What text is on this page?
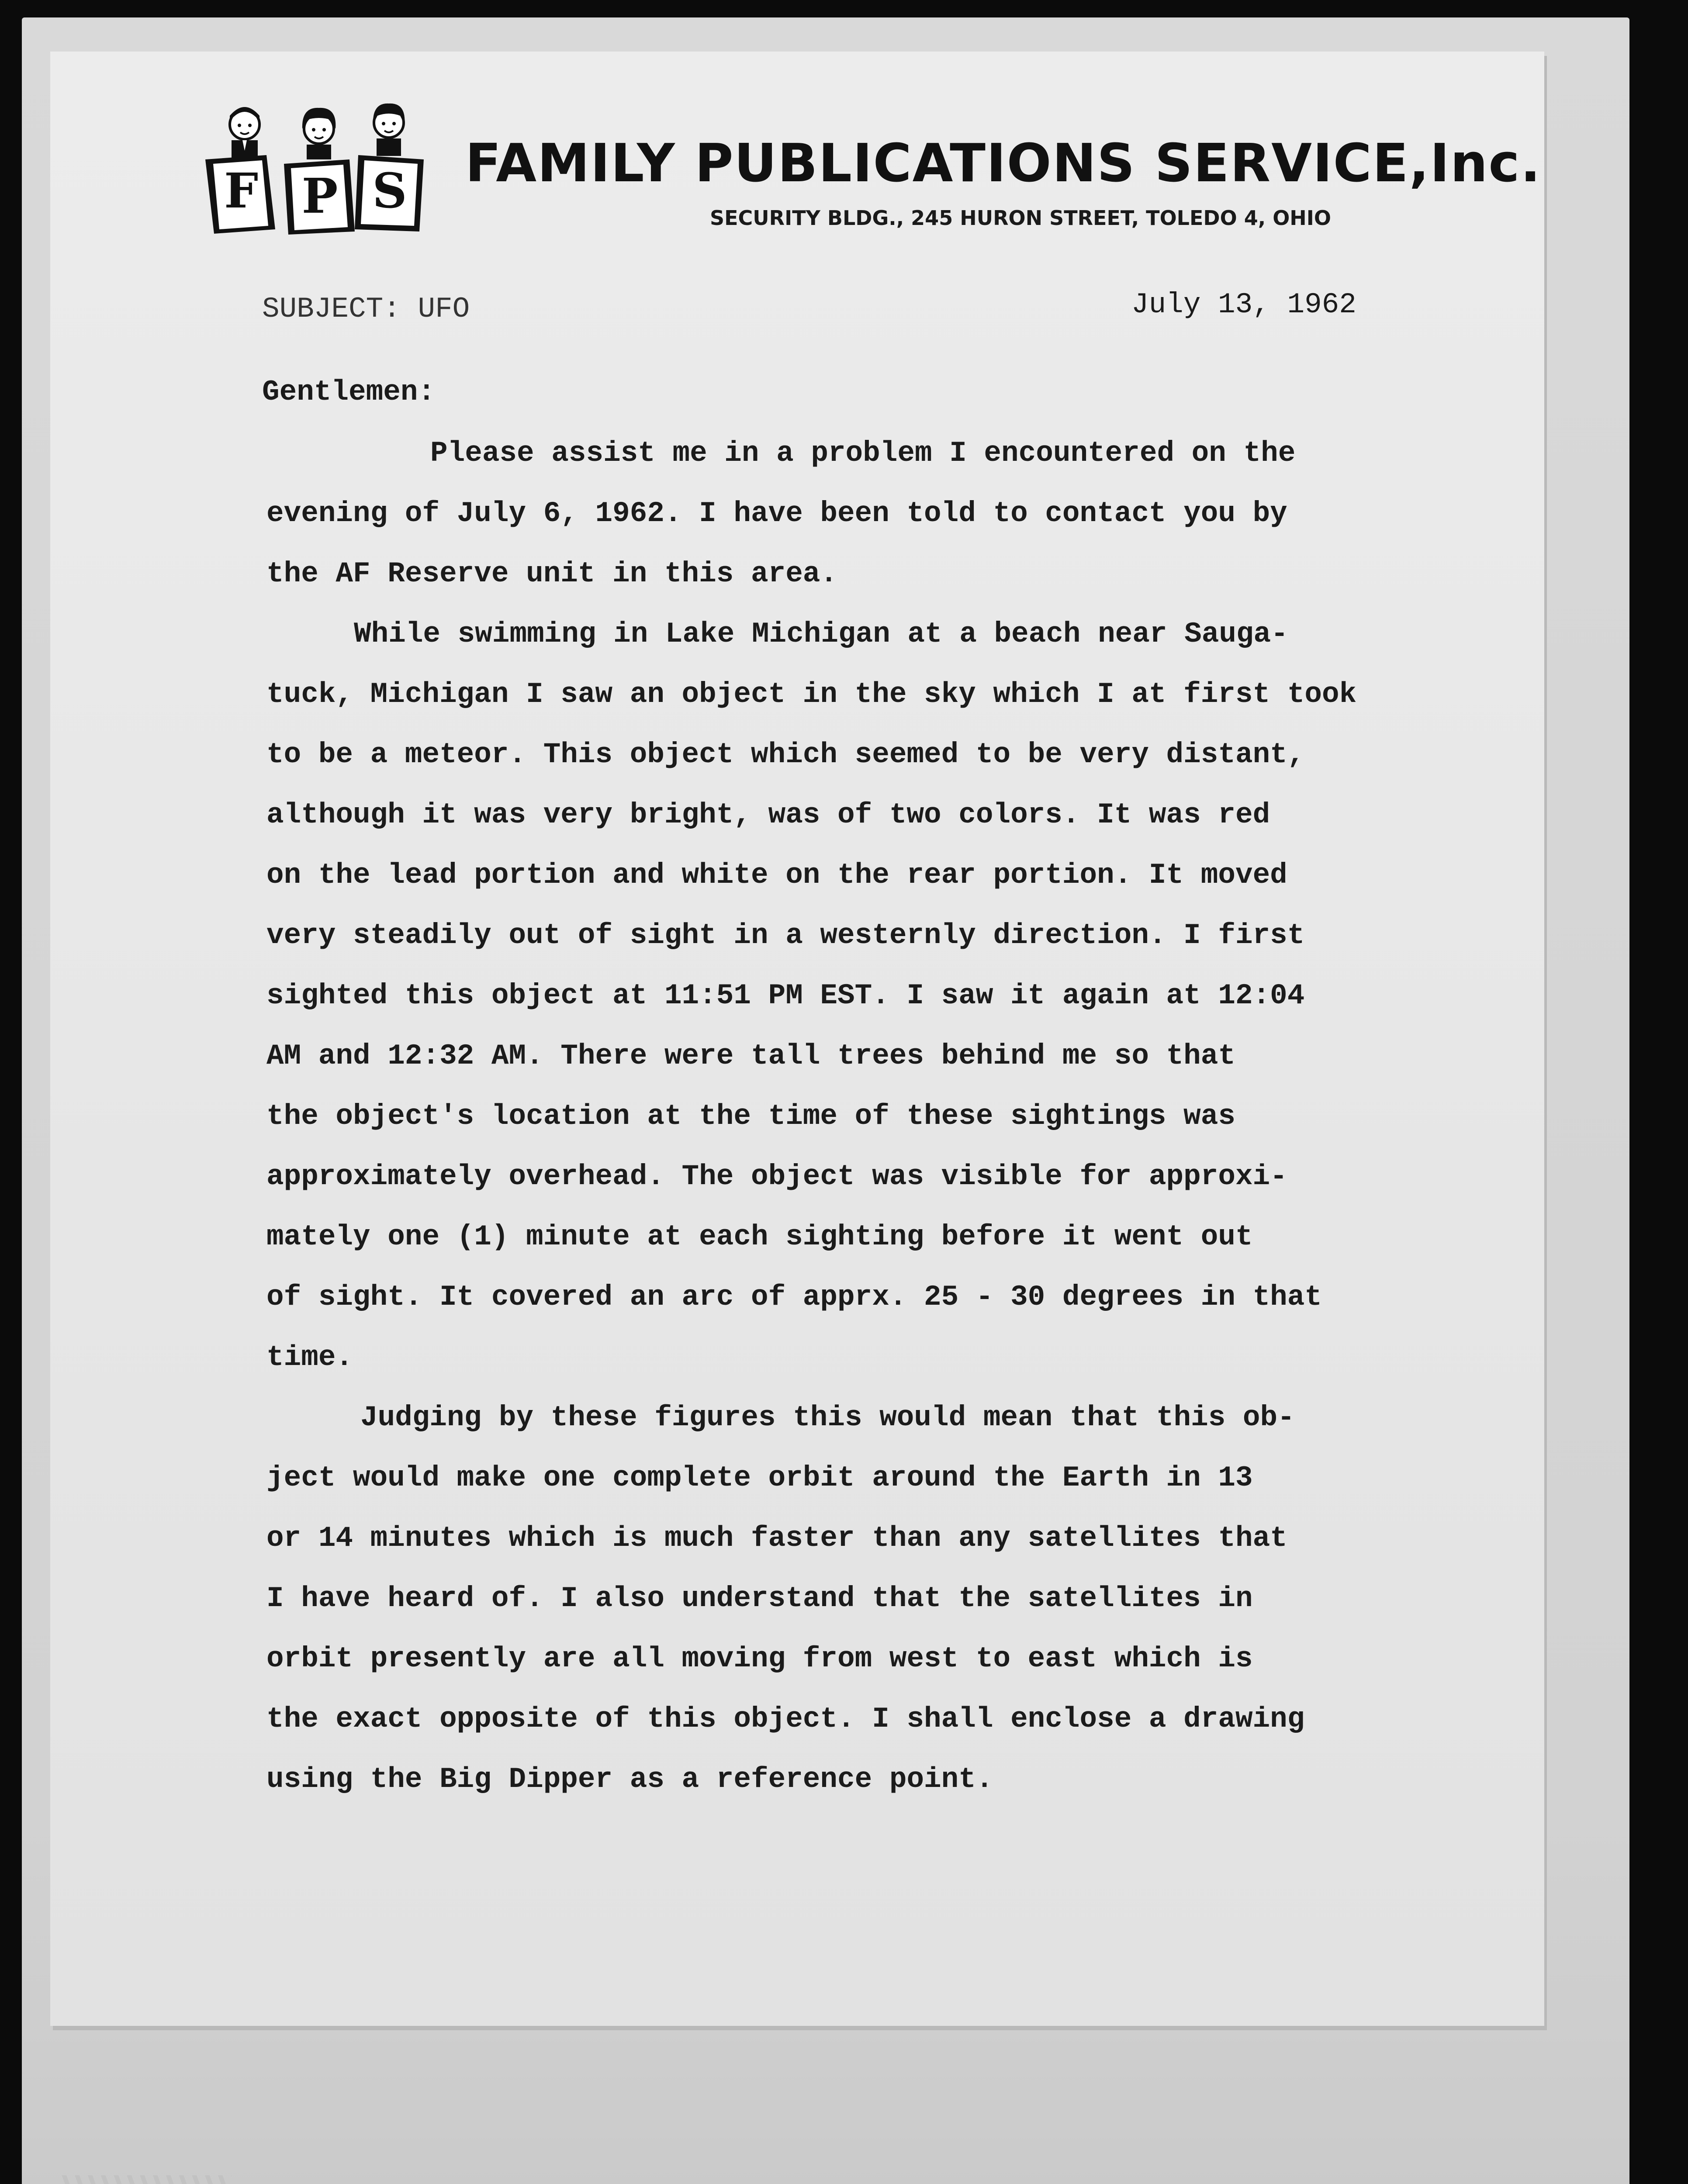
F P S FAMILY PUBLICATIONS SERVICE,Inc.
SECURITY BLDG., 245 HURON STREET, TOLEDO 4, OHIO
SUBJECT: UFO	July 13, 1962
Gentlemen:
Please assist me in a problem I encountered on the
evening of July 6, 1962. I have been told to contact you by
the AF Reserve unit in this area.
While swimming in Lake Michigan at a beach near Sauga-
tuck, Michigan I saw an object in the sky which I at first took
to be a meteor. This object which seemed to be very distant,
although it was very bright, was of two colors. It was red
on the lead portion and white on the rear portion. It moved
very steadily out of sight in a westernly direction. I first
sighted this object at 11:51 PM EST. I saw it again at 12:04
AM and 12:32 AM. There were tall trees behind me so that
the object's location at the time of these sightings was
approximately overhead. The object was visible for approxi-
mately one (1) minute at each sighting before it went out
of sight. It covered an arc of apprx. 25 - 30 degrees in that
time.
Judging by these figures this would mean that this ob-
ject would make one complete orbit around the Earth in 13
or 14 minutes which is much faster than any satellites that
I have heard of. I also understand that the satellites in
orbit presently are all moving from west to east which is
the exact opposite of this object. I shall enclose a drawing
using the Big Dipper as a reference point.
